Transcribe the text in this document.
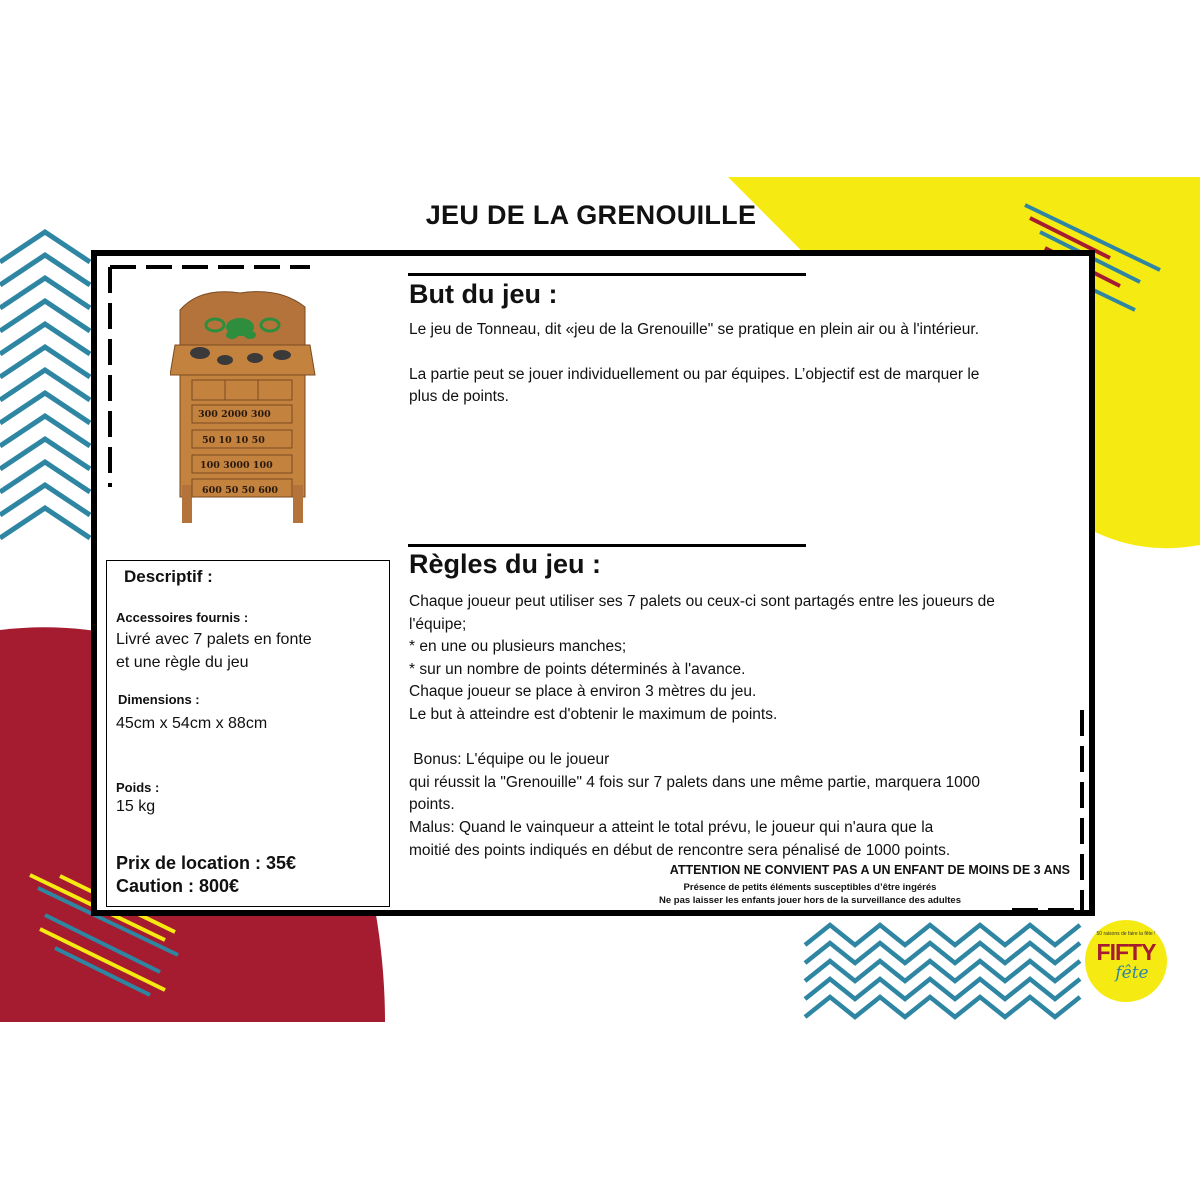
JEU DE LA GRENOUILLE
300 2000 300
50 10 10 50
100 3000 100
600 50 50 600
But du jeu :

Le jeu de Tonneau, dit «jeu de la Grenouille" se pratique en plein air ou à l'intérieur.

La partie peut se jouer individuellement ou par équipes. L’objectif est de marquer le

plus de points.

Règles du jeu :

Chaque joueur peut utiliser ses 7 palets ou ceux-ci sont partagés entre les joueurs de

l'équipe;

* en une ou plusieurs manches;

* sur un nombre de points déterminés à l'avance.

Chaque joueur se place à environ 3 mètres du jeu.

Le but à atteindre est d'obtenir le maximum de points.

Bonus: L'équipe ou le joueur

qui réussit la "Grenouille" 4 fois sur 7 palets dans une même partie, marquera 1000

points.

Malus: Quand le vainqueur a atteint le total prévu, le joueur qui n'aura que la

moitié des points indiqués en début de rencontre sera pénalisé de 1000 points.

ATTENTION NE CONVIENT PAS A UN ENFANT DE MOINS DE 3 ANS
Présence de petits éléments susceptibles d’être ingérés
Ne pas laisser les enfants jouer hors de la surveillance des adultes
Descriptif :
Accessoires fournis :
Livré avec 7 palets en fonte
et une règle du jeu
Dimensions :
45cm x 54cm x 88cm
Poids :
15 kg
Prix de location : 35€
Caution : 800€
50 raisons de faire la fête !
FIFTY
fête
